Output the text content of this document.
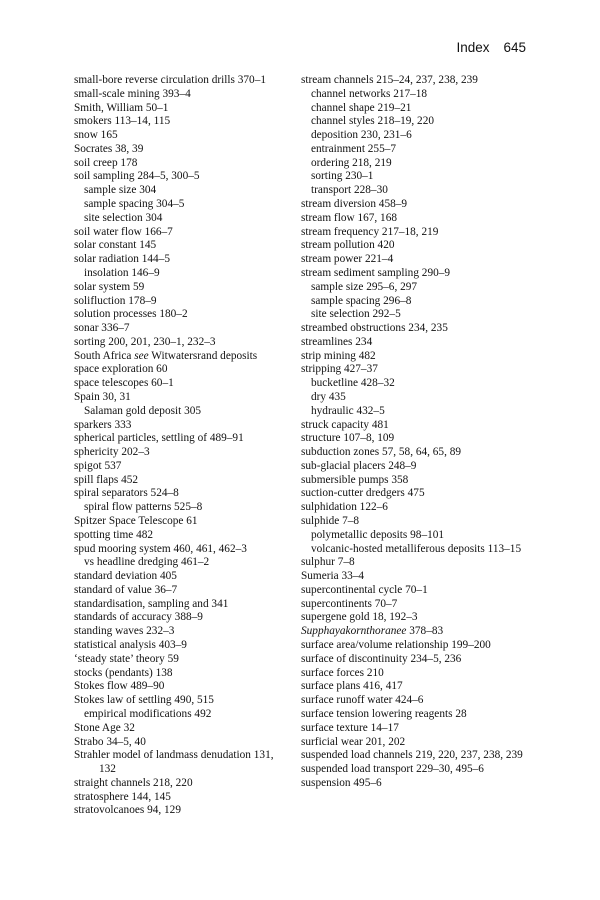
Index 645
small-bore reverse circulation drills 370–1
small-scale mining 393–4
Smith, William 50–1
smokers 113–14, 115
snow 165
Socrates 38, 39
soil creep 178
soil sampling 284–5, 300–5
sample size 304
sample spacing 304–5
site selection 304
soil water flow 166–7
solar constant 145
solar radiation 144–5
insolation 146–9
solar system 59
solifluction 178–9
solution processes 180–2
sonar 336–7
sorting 200, 201, 230–1, 232–3
South Africa see Witwatersrand deposits
space exploration 60
space telescopes 60–1
Spain 30, 31
Salaman gold deposit 305
sparkers 333
spherical particles, settling of 489–91
sphericity 202–3
spigot 537
spill flaps 452
spiral separators 524–8
spiral flow patterns 525–8
Spitzer Space Telescope 61
spotting time 482
spud mooring system 460, 461, 462–3
vs headline dredging 461–2
standard deviation 405
standard of value 36–7
standardisation, sampling and 341
standards of accuracy 388–9
standing waves 232–3
statistical analysis 403–9
‘steady state’ theory 59
stocks (pendants) 138
Stokes flow 489–90
Stokes law of settling 490, 515
empirical modifications 492
Stone Age 32
Strabo 34–5, 40
Strahler model of landmass denudation 131, 132
straight channels 218, 220
stratosphere 144, 145
stratovolcanoes 94, 129
stream channels 215–24, 237, 238, 239
channel networks 217–18
channel shape 219–21
channel styles 218–19, 220
deposition 230, 231–6
entrainment 255–7
ordering 218, 219
sorting 230–1
transport 228–30
stream diversion 458–9
stream flow 167, 168
stream frequency 217–18, 219
stream pollution 420
stream power 221–4
stream sediment sampling 290–9
sample size 295–6, 297
sample spacing 296–8
site selection 292–5
streambed obstructions 234, 235
streamlines 234
strip mining 482
stripping 427–37
bucketline 428–32
dry 435
hydraulic 432–5
struck capacity 481
structure 107–8, 109
subduction zones 57, 58, 64, 65, 89
sub-glacial placers 248–9
submersible pumps 358
suction-cutter dredgers 475
sulphidation 122–6
sulphide 7–8
polymetallic deposits 98–101
volcanic-hosted metalliferous deposits 113–15
sulphur 7–8
Sumeria 33–4
supercontinental cycle 70–1
supercontinents 70–7
supergene gold 18, 192–3
Supphayakornthoranee 378–83
surface area/volume relationship 199–200
surface of discontinuity 234–5, 236
surface forces 210
surface plans 416, 417
surface runoff water 424–6
surface tension lowering reagents 28
surface texture 14–17
surficial wear 201, 202
suspended load channels 219, 220, 237, 238, 239
suspended load transport 229–30, 495–6
suspension 495–6
